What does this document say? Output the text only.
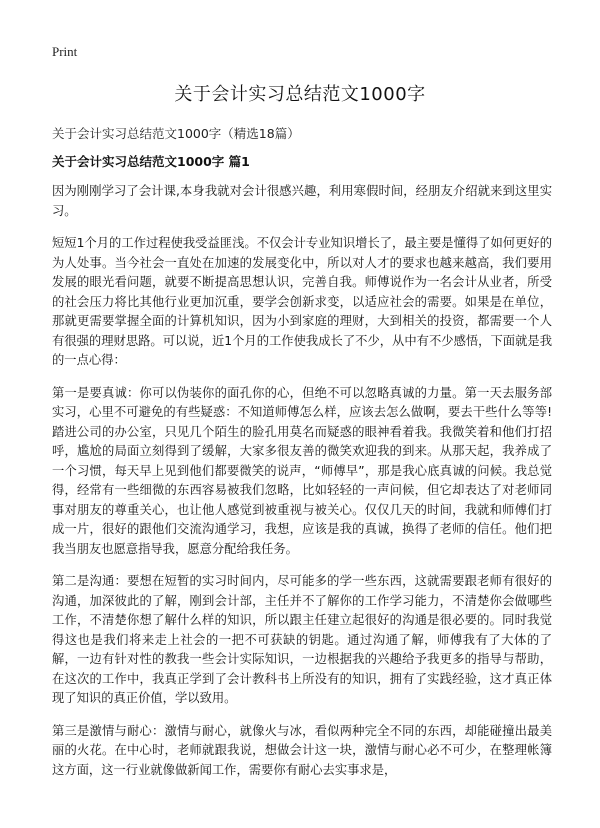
Print
关于会计实习总结范文1000字
关于会计实习总结范文1000字（精选18篇）
关于会计实习总结范文1000字 篇1

因为刚刚学习了会计课,本身我就对会计很感兴趣，利用寒假时间，经朋友介绍就来到这里实习。

短短1个月的工作过程使我受益匪浅。不仅会计专业知识增长了，最主要是懂得了如何更好的为人处事。当今社会一直处在加速的发展变化中，所以对人才的要求也越来越高，我们要用发展的眼光看问题，就要不断提高思想认识，完善自我。师傅说作为一名会计从业者，所受的社会压力将比其他行业更加沉重，要学会创新求变，以适应社会的需要。如果是在单位，那就更需要掌握全面的计算机知识，因为小到家庭的理财，大到相关的投资，都需要一个人有很强的理财思路。可以说，近1个月的工作使我成长了不少，从中有不少感悟，下面就是我的一点心得：

第一是要真诚：你可以伪装你的面孔你的心，但绝不可以忽略真诚的力量。第一天去服务部实习，心里不可避免的有些疑惑：不知道师傅怎么样，应该去怎么做啊，要去干些什么等等!踏进公司的办公室，只见几个陌生的脸孔用莫名而疑惑的眼神看着我。我微笑着和他们打招呼，尴尬的局面立刻得到了缓解，大家多很友善的微笑欢迎我的到来。从那天起，我养成了一个习惯，每天早上见到他们都要微笑的说声，“师傅早”，那是我心底真诚的问候。我总觉得，经常有一些细微的东西容易被我们忽略，比如轻轻的一声问候，但它却表达了对老师同事对朋友的尊重关心，也让他人感觉到被重视与被关心。仅仅几天的时间，我就和师傅们打成一片，很好的跟他们交流沟通学习，我想，应该是我的真诚，换得了老师的信任。他们把我当朋友也愿意指导我，愿意分配给我任务。

第二是沟通：要想在短暂的实习时间内，尽可能多的学一些东西，这就需要跟老师有很好的沟通，加深彼此的了解，刚到会计部，主任并不了解你的工作学习能力，不清楚你会做哪些工作，不清楚你想了解什么样的知识，所以跟主任建立起很好的沟通是很必要的。同时我觉得这也是我们将来走上社会的一把不可获缺的钥匙。通过沟通了解，师傅我有了大体的了解，一边有针对性的教我一些会计实际知识，一边根据我的兴趣给予我更多的指导与帮助，在这次的工作中，我真正学到了会计教科书上所没有的知识，拥有了实践经验，这才真正体现了知识的真正价值，学以致用。

第三是激情与耐心：激情与耐心，就像火与冰，看似两种完全不同的东西，却能碰撞出最美丽的火花。在中心时，老师就跟我说，想做会计这一块，激情与耐心必不可少，在整理帐簿这方面，这一行业就像做新闻工作，需要你有耐心去实事求是，
